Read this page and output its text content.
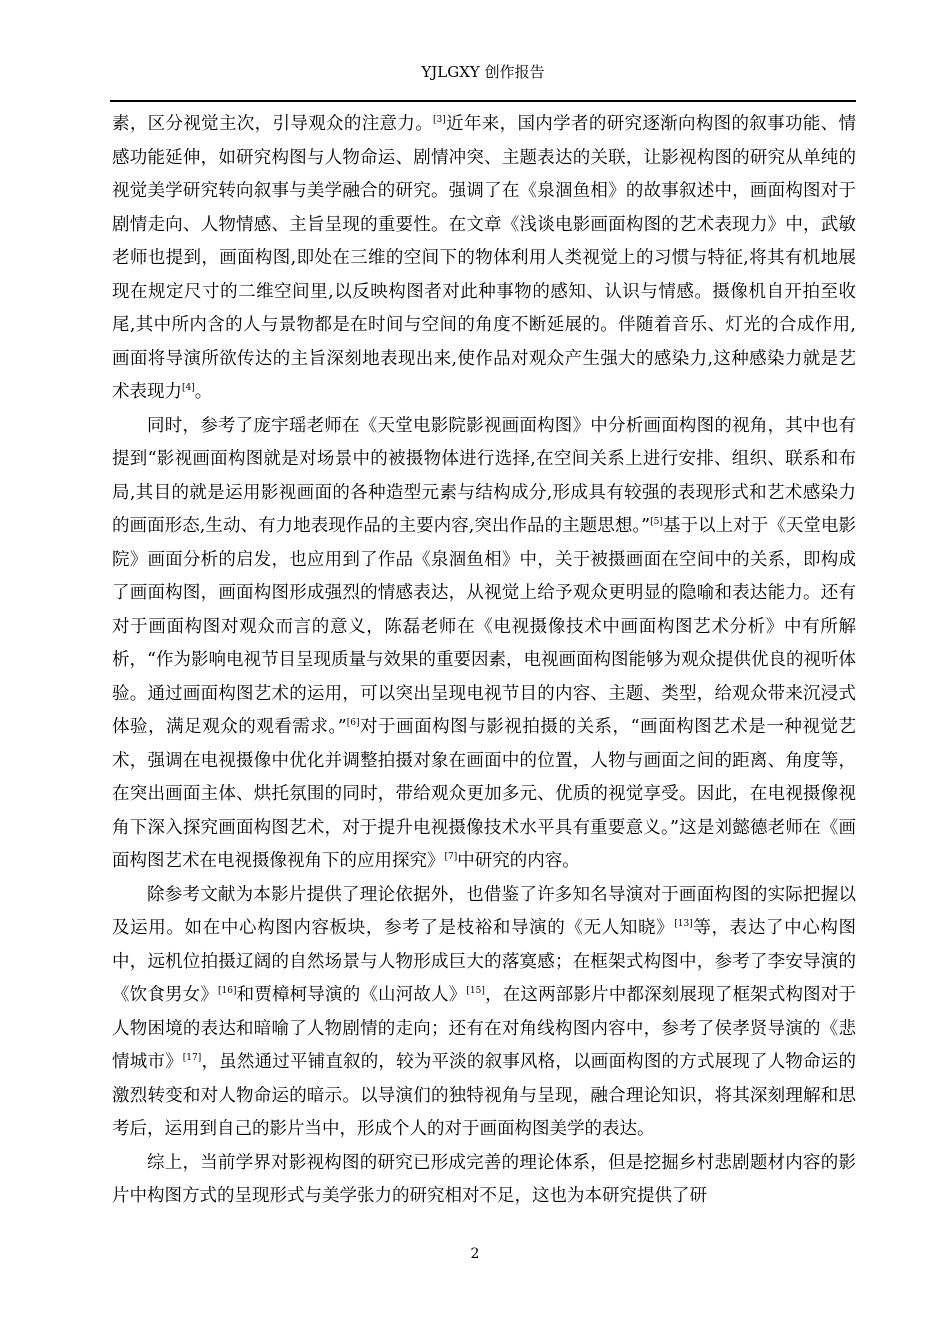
YJLGXY 创作报告

素，区分视觉主次，引导观众的注意力。[3]近年来，国内学者的研究逐渐向构图的叙事功能、情感功能延伸，如研究构图与人物命运、剧情冲突、主题表达的关联，让影视构图的研究从单纯的视觉美学研究转向叙事与美学融合的研究。强调了在《泉涸鱼相》的故事叙述中，画面构图对于剧情走向、人物情感、主旨呈现的重要性。在文章《浅谈电影画面构图的艺术表现力》中，武敏老师也提到，画面构图,即处在三维的空间下的物体利用人类视觉上的习惯与特征,将其有机地展现在规定尺寸的二维空间里,以反映构图者对此种事物的感知、认识与情感。摄像机自开拍至收尾,其中所内含的人与景物都是在时间与空间的角度不断延展的。伴随着音乐、灯光的合成作用,画面将导演所欲传达的主旨深刻地表现出来,使作品对观众产生强大的感染力,这种感染力就是艺术表现力[4]。

同时，参考了庞宇瑶老师在《天堂电影院影视画面构图》中分析画面构图的视角，其中也有提到“影视画面构图就是对场景中的被摄物体进行选择,在空间关系上进行安排、组织、联系和布局,其目的就是运用影视画面的各种造型元素与结构成分,形成具有较强的表现形式和艺术感染力的画面形态,生动、有力地表现作品的主要内容,突出作品的主题思想。”[5]基于以上对于《天堂电影院》画面分析的启发，也应用到了作品《泉涸鱼相》中，关于被摄画面在空间中的关系，即构成了画面构图，画面构图形成强烈的情感表达，从视觉上给予观众更明显的隐喻和表达能力。还有对于画面构图对观众而言的意义，陈磊老师在《电视摄像技术中画面构图艺术分析》中有所解析，“作为影响电视节目呈现质量与效果的重要因素，电视画面构图能够为观众提供优良的视听体验。通过画面构图艺术的运用，可以突出呈现电视节目的内容、主题、类型，给观众带来沉浸式体验，满足观众的观看需求。”[6]对于画面构图与影视拍摄的关系，“画面构图艺术是一种视觉艺术，强调在电视摄像中优化并调整拍摄对象在画面中的位置，人物与画面之间的距离、角度等，在突出画面主体、烘托氛围的同时，带给观众更加多元、优质的视觉享受。因此，在电视摄像视角下深入探究画面构图艺术，对于提升电视摄像技术水平具有重要意义。”这是刘懿德老师在《画面构图艺术在电视摄像视角下的应用探究》[7]中研究的内容。

除参考文献为本影片提供了理论依据外，也借鉴了许多知名导演对于画面构图的实际把握以及运用。如在中心构图内容板块，参考了是枝裕和导演的《无人知晓》[13]等，表达了中心构图中，远机位拍摄辽阔的自然场景与人物形成巨大的落寞感；在框架式构图中，参考了李安导演的《饮食男女》[16]和贾樟柯导演的《山河故人》[15]，在这两部影片中都深刻展现了框架式构图对于人物困境的表达和暗喻了人物剧情的走向；还有在对角线构图内容中，参考了侯孝贤导演的《悲情城市》[17]，虽然通过平铺直叙的，较为平淡的叙事风格，以画面构图的方式展现了人物命运的激烈转变和对人物命运的暗示。以导演们的独特视角与呈现，融合理论知识，将其深刻理解和思考后，运用到自己的影片当中，形成个人的对于画面构图美学的表达。

综上，当前学界对影视构图的研究已形成完善的理论体系，但是挖掘乡村悲剧题材内容的影片中构图方式的呈现形式与美学张力的研究相对不足，这也为本研究提供了研

2
